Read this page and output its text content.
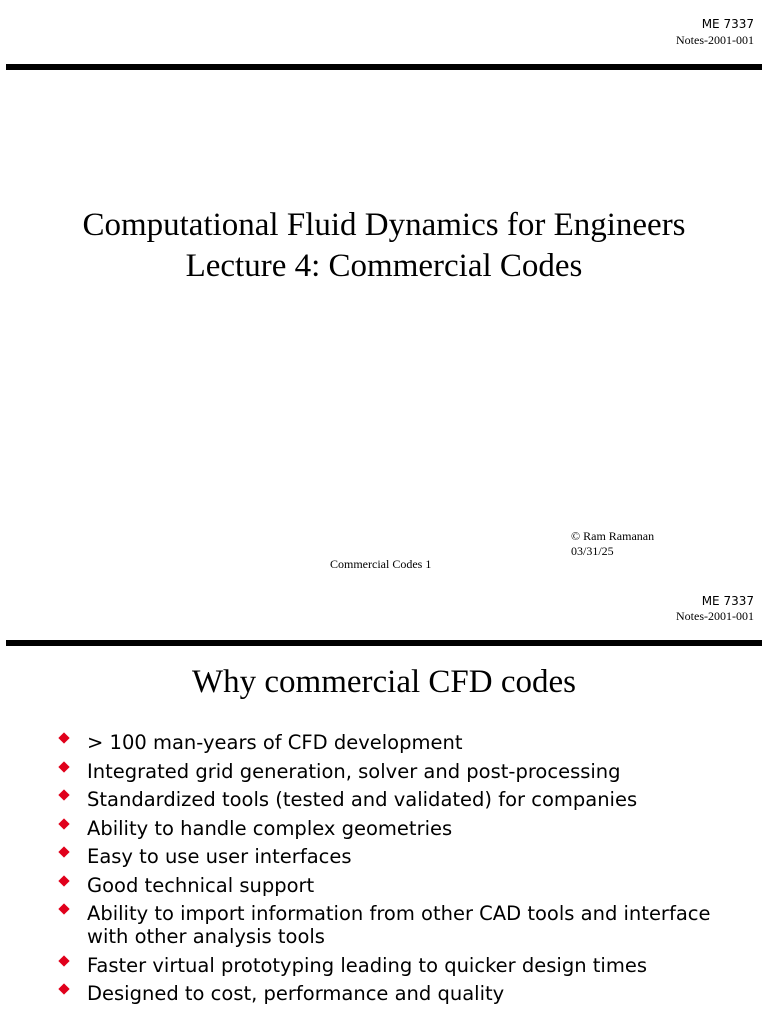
ME 7337
Notes-2001-001
Computational Fluid Dynamics for Engineers
Lecture 4: Commercial Codes
© Ram Ramanan
03/31/25
Commercial Codes 1
ME 7337
Notes-2001-001
Why commercial CFD codes
> 100 man-years of CFD development
Integrated grid generation, solver and post-processing
Standardized tools (tested and validated) for companies
Ability to handle complex geometries
Easy to use user interfaces
Good technical support
Ability to import information from other CAD tools and interface with other analysis tools
Faster virtual prototyping leading to quicker design times
Designed to cost, performance and quality
